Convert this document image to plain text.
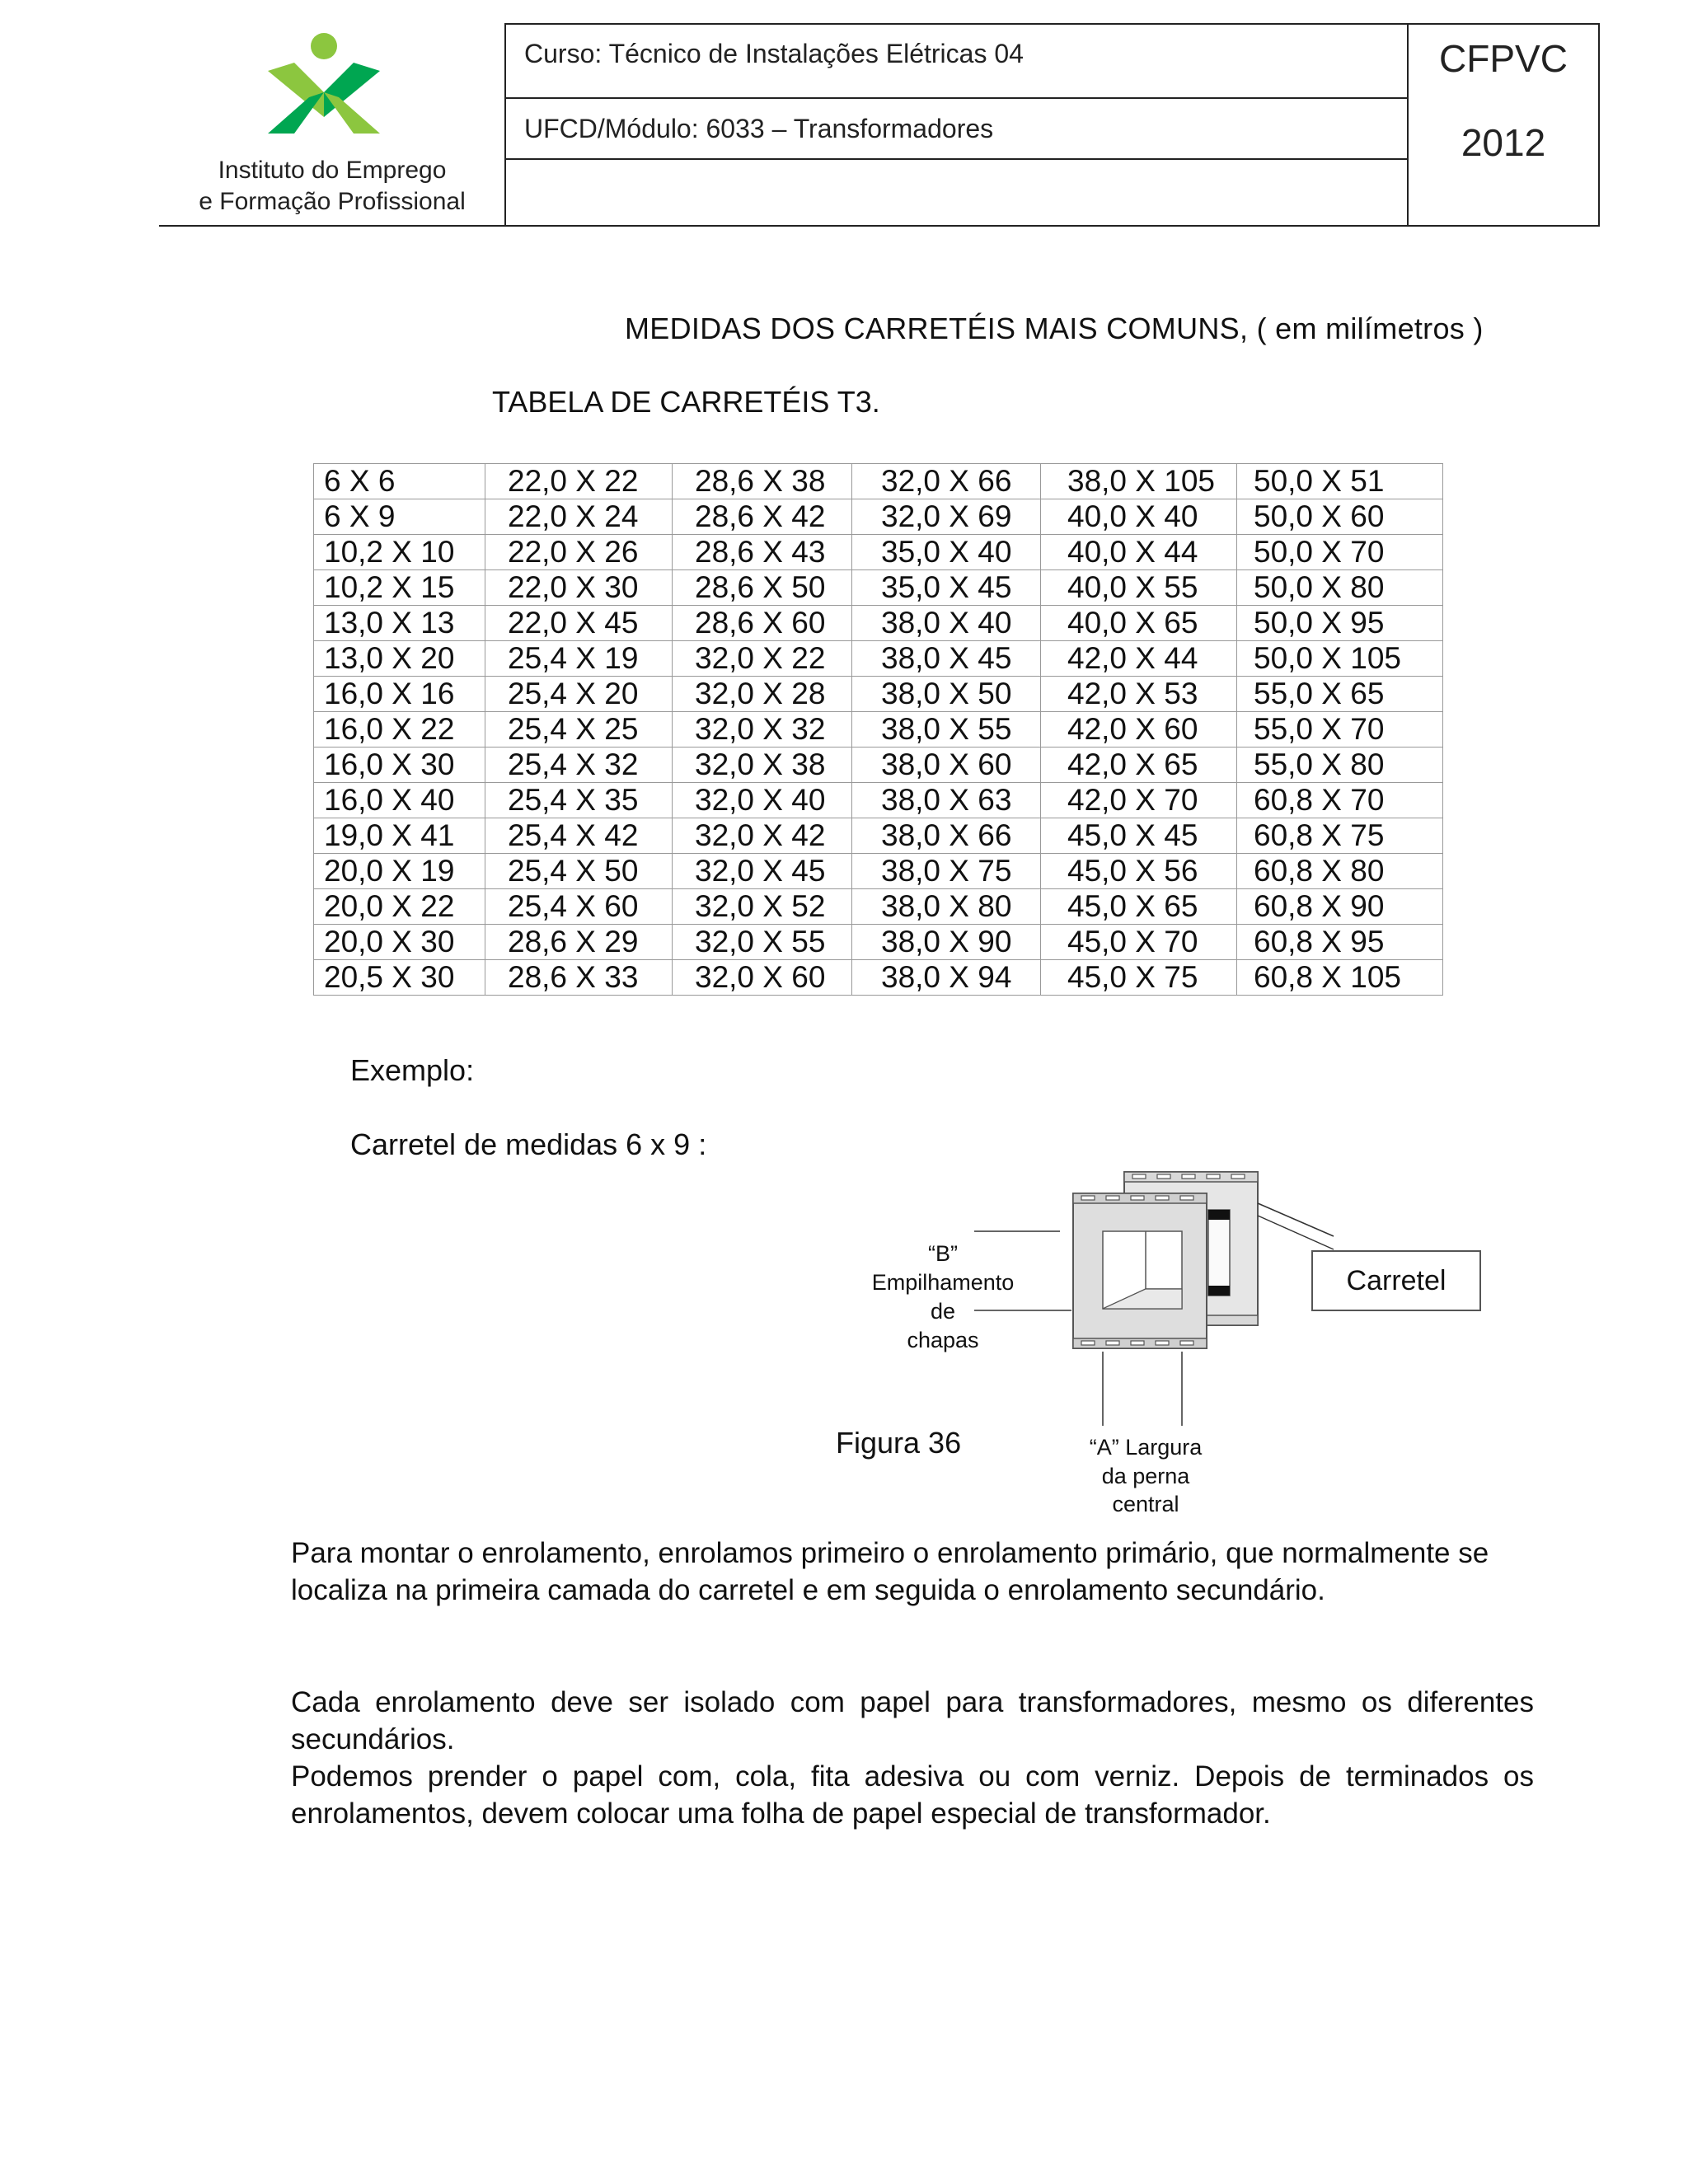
Instituto do Emprego
e Formação Profissional
Curso: Técnico de Instalações Elétricas 04
UFCD/Módulo: 6033 – Transformadores
CFPVC
2012
MEDIDAS DOS CARRETÉIS MAIS COMUNS, ( em milímetros )
TABELA DE CARRETÉIS T3.
6 X 6	22,0 X 22	28,6 X 38	32,0 X 66	38,0 X 105	50,0 X 51
6 X 9	22,0 X 24	28,6 X 42	32,0 X 69	40,0 X 40	50,0 X 60
10,2 X 10	22,0 X 26	28,6 X 43	35,0 X 40	40,0 X 44	50,0 X 70
10,2 X 15	22,0 X 30	28,6 X 50	35,0 X 45	40,0 X 55	50,0 X 80
13,0 X 13	22,0 X 45	28,6 X 60	38,0 X 40	40,0 X 65	50,0 X 95
13,0 X 20	25,4 X 19	32,0 X 22	38,0 X 45	42,0 X 44	50,0 X 105
16,0 X 16	25,4 X 20	32,0 X 28	38,0 X 50	42,0 X 53	55,0 X 65
16,0 X 22	25,4 X 25	32,0 X 32	38,0 X 55	42,0 X 60	55,0 X 70
16,0 X 30	25,4 X 32	32,0 X 38	38,0 X 60	42,0 X 65	55,0 X 80
16,0 X 40	25,4 X 35	32,0 X 40	38,0 X 63	42,0 X 70	60,8 X 70
19,0 X 41	25,4 X 42	32,0 X 42	38,0 X 66	45,0 X 45	60,8 X 75
20,0 X 19	25,4 X 50	32,0 X 45	38,0 X 75	45,0 X 56	60,8 X 80
20,0 X 22	25,4 X 60	32,0 X 52	38,0 X 80	45,0 X 65	60,8 X 90
20,0 X 30	28,6 X 29	32,0 X 55	38,0 X 90	45,0 X 70	60,8 X 95
20,5 X 30	28,6 X 33	32,0 X 60	38,0 X 94	45,0 X 75	60,8 X 105
Exemplo:
Carretel de medidas 6 x 9 :
“B”
Empilhamento
de
chapas
“A” Largura
da perna
central
Carretel
Figura 36
Para montar o enrolamento, enrolamos primeiro o enrolamento primário, que normalmente se localiza na primeira camada do carretel e em seguida o enrolamento secundário.
Cada enrolamento deve ser isolado com papel para transformadores, mesmo os diferentes secundários.
Podemos prender o papel com, cola, fita adesiva ou com verniz. Depois de terminados os enrolamentos, devem colocar uma folha de papel especial de transformador.
